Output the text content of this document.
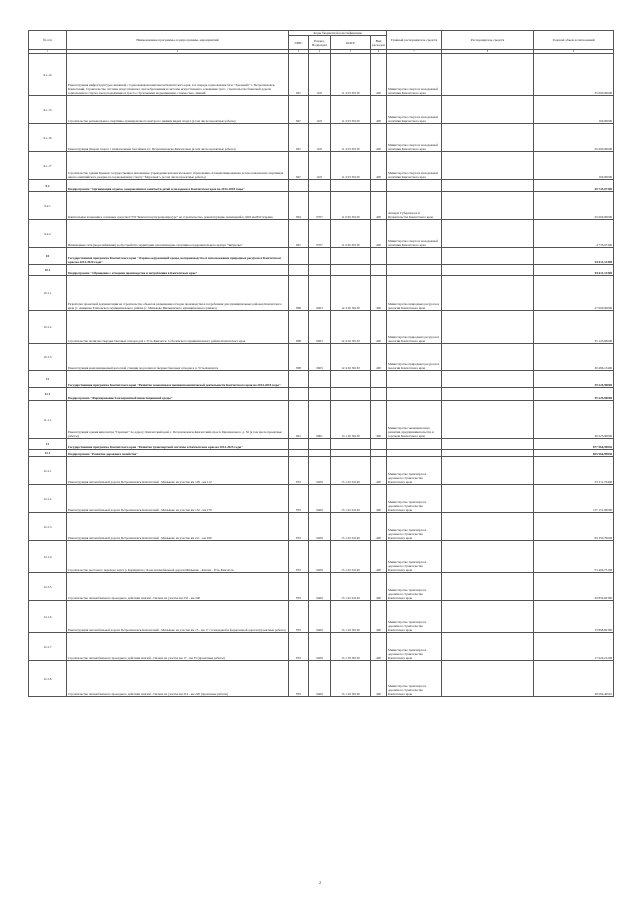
№ п/п	Наименование программы, подпрограммы, мероприятий	Коды бюджетной классификации				Главный распорядитель средств	Распорядитель средств	Годовой объем ассигнований
		ГРБС	Раздел, Подраздел	КЦСР	Вид расходов			
1	2	3	4	5	6	7	8	9
9.1.14	Реконструкция инфраструктуры связанной с горнолыжным комплексом Камчатского края, 2-я очередь горнолыжная база "Эдельвейс" г. Петропавловск-Камчатский. Строительство системы искусственного снегообразования и системы искусственного освещения трасс, строительство бюветной дороги горнолыжного спуска, въезд подъёмника и трасса с бугельными подъемниками, стоимостью, зимний	847	1101	11 4 03 30130	400	Министерство спорта и молодежной политики Камчатского края		35 000,00000
9.1.15	Строительство регионального спортивно-тренировочного центра по зимним видам спорта (в том числе проектные работы)	847	1101	11 4 03 30130	400	Министерство спорта и молодежной политики Камчатского края		100,00000
9.1.16	Реконструкция Дворца спорта с плавательным бассейном в г. Петропавловске-Камчатском (в том числе проектные работы)	847	1101	11 4 03 30130	400	Министерство спорта и молодежной политики Камчатского края		26 400,00000
9.1.17	Строительство здания Краевое государственное автономное учреждение вспомогательного образования «Специализированная детско-юношеская спортивная школа олимпийского резерва по горнолыжному спорту "Морозная"» (в том числе проектные работы)	847	1101	11 4 03 30130	400	Министерство спорта и молодежной политики Камчатского края		100,00000
9.2	Подпрограмма "Организация отдыха, оздоровления и занятости детей и молодежи в Камчатском крае на 2014-2018 годы"							49 733,07300
9.2.1	Капитальные вложения в основные средства ГУП "Камчатсторгагропромресурс" на строительство, реконструкцию помещений в ДОЛ им.Ю.Гагарина	804	0707	11 6 06 30130	400	Аппарат Губернатора и Правительства Камчатского края		45 000,00000
9.2.2	Инженерные сети (водоснабжение) и обустройство территории для пешеходно-спортивно-оздоровительного центра "Звёздочка"	847	0707	11 6 06 30130	400	Министерство спорта и молодежной политики Камчатского края		4 733,07300
10	Государственная программа Камчатского края "Охрана окружающей среды, воспроизводство и использование природных ресурсов в Камчатском крае на 2014-2020 годы"							94 611,13400
10.1	Подпрограмма "Обращение с отходами производства и потребления в Камчатском крае"							94 611,13400
10.1.1	Разработка проектной документации на строительство объектов размещения отходов производства и потребления для муниципальных районов Камчатского края (с. Аникеево Елизовского муниципального района (с. Мильково Мильковского муниципального района)	808	0603	12 4 02 30130	400	Министерство природных ресурсов и экологии Камчатского края		27 000,00000
10.1.2	Строительство полигона твердых бытовых отходов для г. Усть-Камчатск, Соболевского муниципального района Камчатского края	808	0603	12 4 02 30130	400	Министерство природных ресурсов и экологии Камчатского края		35 125,00000
10.1.3	Реконструкция канализационной насосной станции под полигон твердых бытовых отходов в п. Усть-Камчатск	808	0603	12 4 02 30130	400	Министерство природных ресурсов и экологии Камчатского края		30 486,13400
11	Государственная программа Камчатского края "Развитие экономики и внешнеэкономической деятельности Камчатского края на 2014-2018 годы"							39 225,90000
11.1	Подпрограмма "Формирование благоприятной инвестиционной среды"							39 225,90000
11.1.1	Реконструкция здания кинотеатра "Горизонт" по адресу: Камчатский край, г. Петропавловск-Камчатский, просп. Циолковского, д. 56 (в том числе проектные работы)	841	0801	13 1 02 30130	400	Министерство экономического развития, предпринимательства и торговли Камчатского края		39 225,90000
12	Государственная программа Камчатского края "Развитие транспортной системы в Камчатском крае на 2014-2025 годы"							877 966,99836
12.1	Подпрограмма "Развитие дорожного хозяйства"							855 966,99836
12.1.1	Реконструкция автомобильной дороги Петропавловск-Камчатский - Мильково на участке км 109 - км 112	833	0409	15 1 02 S2140	400	Министерство транспорта и дорожного строительства Камчатского края		33 211,76400
12.1.2	Реконструкция автомобильной дороги Петропавловск-Камчатский - Мильково на участке км 152 - км 170	833	0409	15 1 02 S2140	400	Министерство транспорта и дорожного строительства Камчатского края		137 151,00000
12.1.3	Реконструкция автомобильной дороги Петропавловск-Камчатский - Мильково на участке км 211 - км 299	833	0409	15 1 02 S2140	400	Министерство транспорта и дорожного строительства Камчатского края		69 350,70000
12.1.4	Строительство мостового перехода через р. Коряцкая на 16 км автомобильной дороги Мильково - Ключи - Усть-Камчатск	833	0409	15 1 02 S2140	400	Министерство транспорта и дорожного строительства Камчатского края		53 466,75100
12.1.5	Строительство автомобильного проездного действия Апачей - Палана на участке км 235 - км 240	833	0409	15 1 02 S2140	400	Министерство транспорта и дорожного строительства Камчатского края		20 859,92300
12.1.6	Реконструкция автомобильной дороги Петропавловск-Камчатский - Мильково на участке км 13 - км 17 с площадкой и федеральной дороги (проектные работы)	833	0409	15 1 03 30130	400	Министерство транспорта и дорожного строительства Камчатского края		33 898,82300
12.1.7	Строительство автомобильного проездного действия Апачей - Палана на участке км 17 - км 35 (проектные работы)	833	0409	15 1 03 30130	400	Министерство транспорта и дорожного строительства Камчатского края		17 620,21200
12.1.8	Строительство автомобильного проездного действия Апачей - Палана на участке км 214 - км 220 (проектные работы)	833	0409	15 1 03 30130	400	Министерство транспорта и дорожного строительства Камчатского края		28 564,46591
2
